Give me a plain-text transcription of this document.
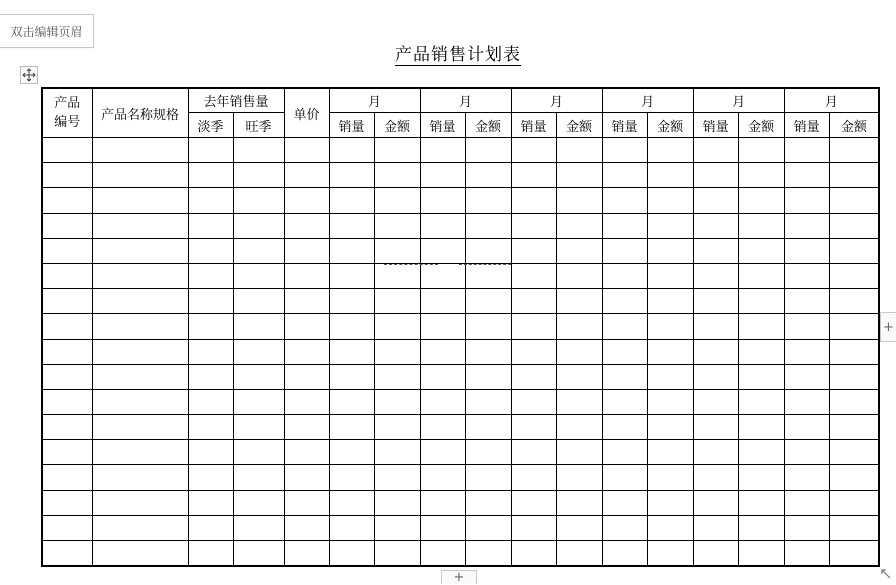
双击编辑页眉
产品销售计划表
产品
编号	产品名称规格	去年销售量		单价	月		月		月		月		月		月	
		淡季	旺季		销量	金额	销量	金额	销量	金额	销量	金额	销量	金额	销量	金额

+
+
